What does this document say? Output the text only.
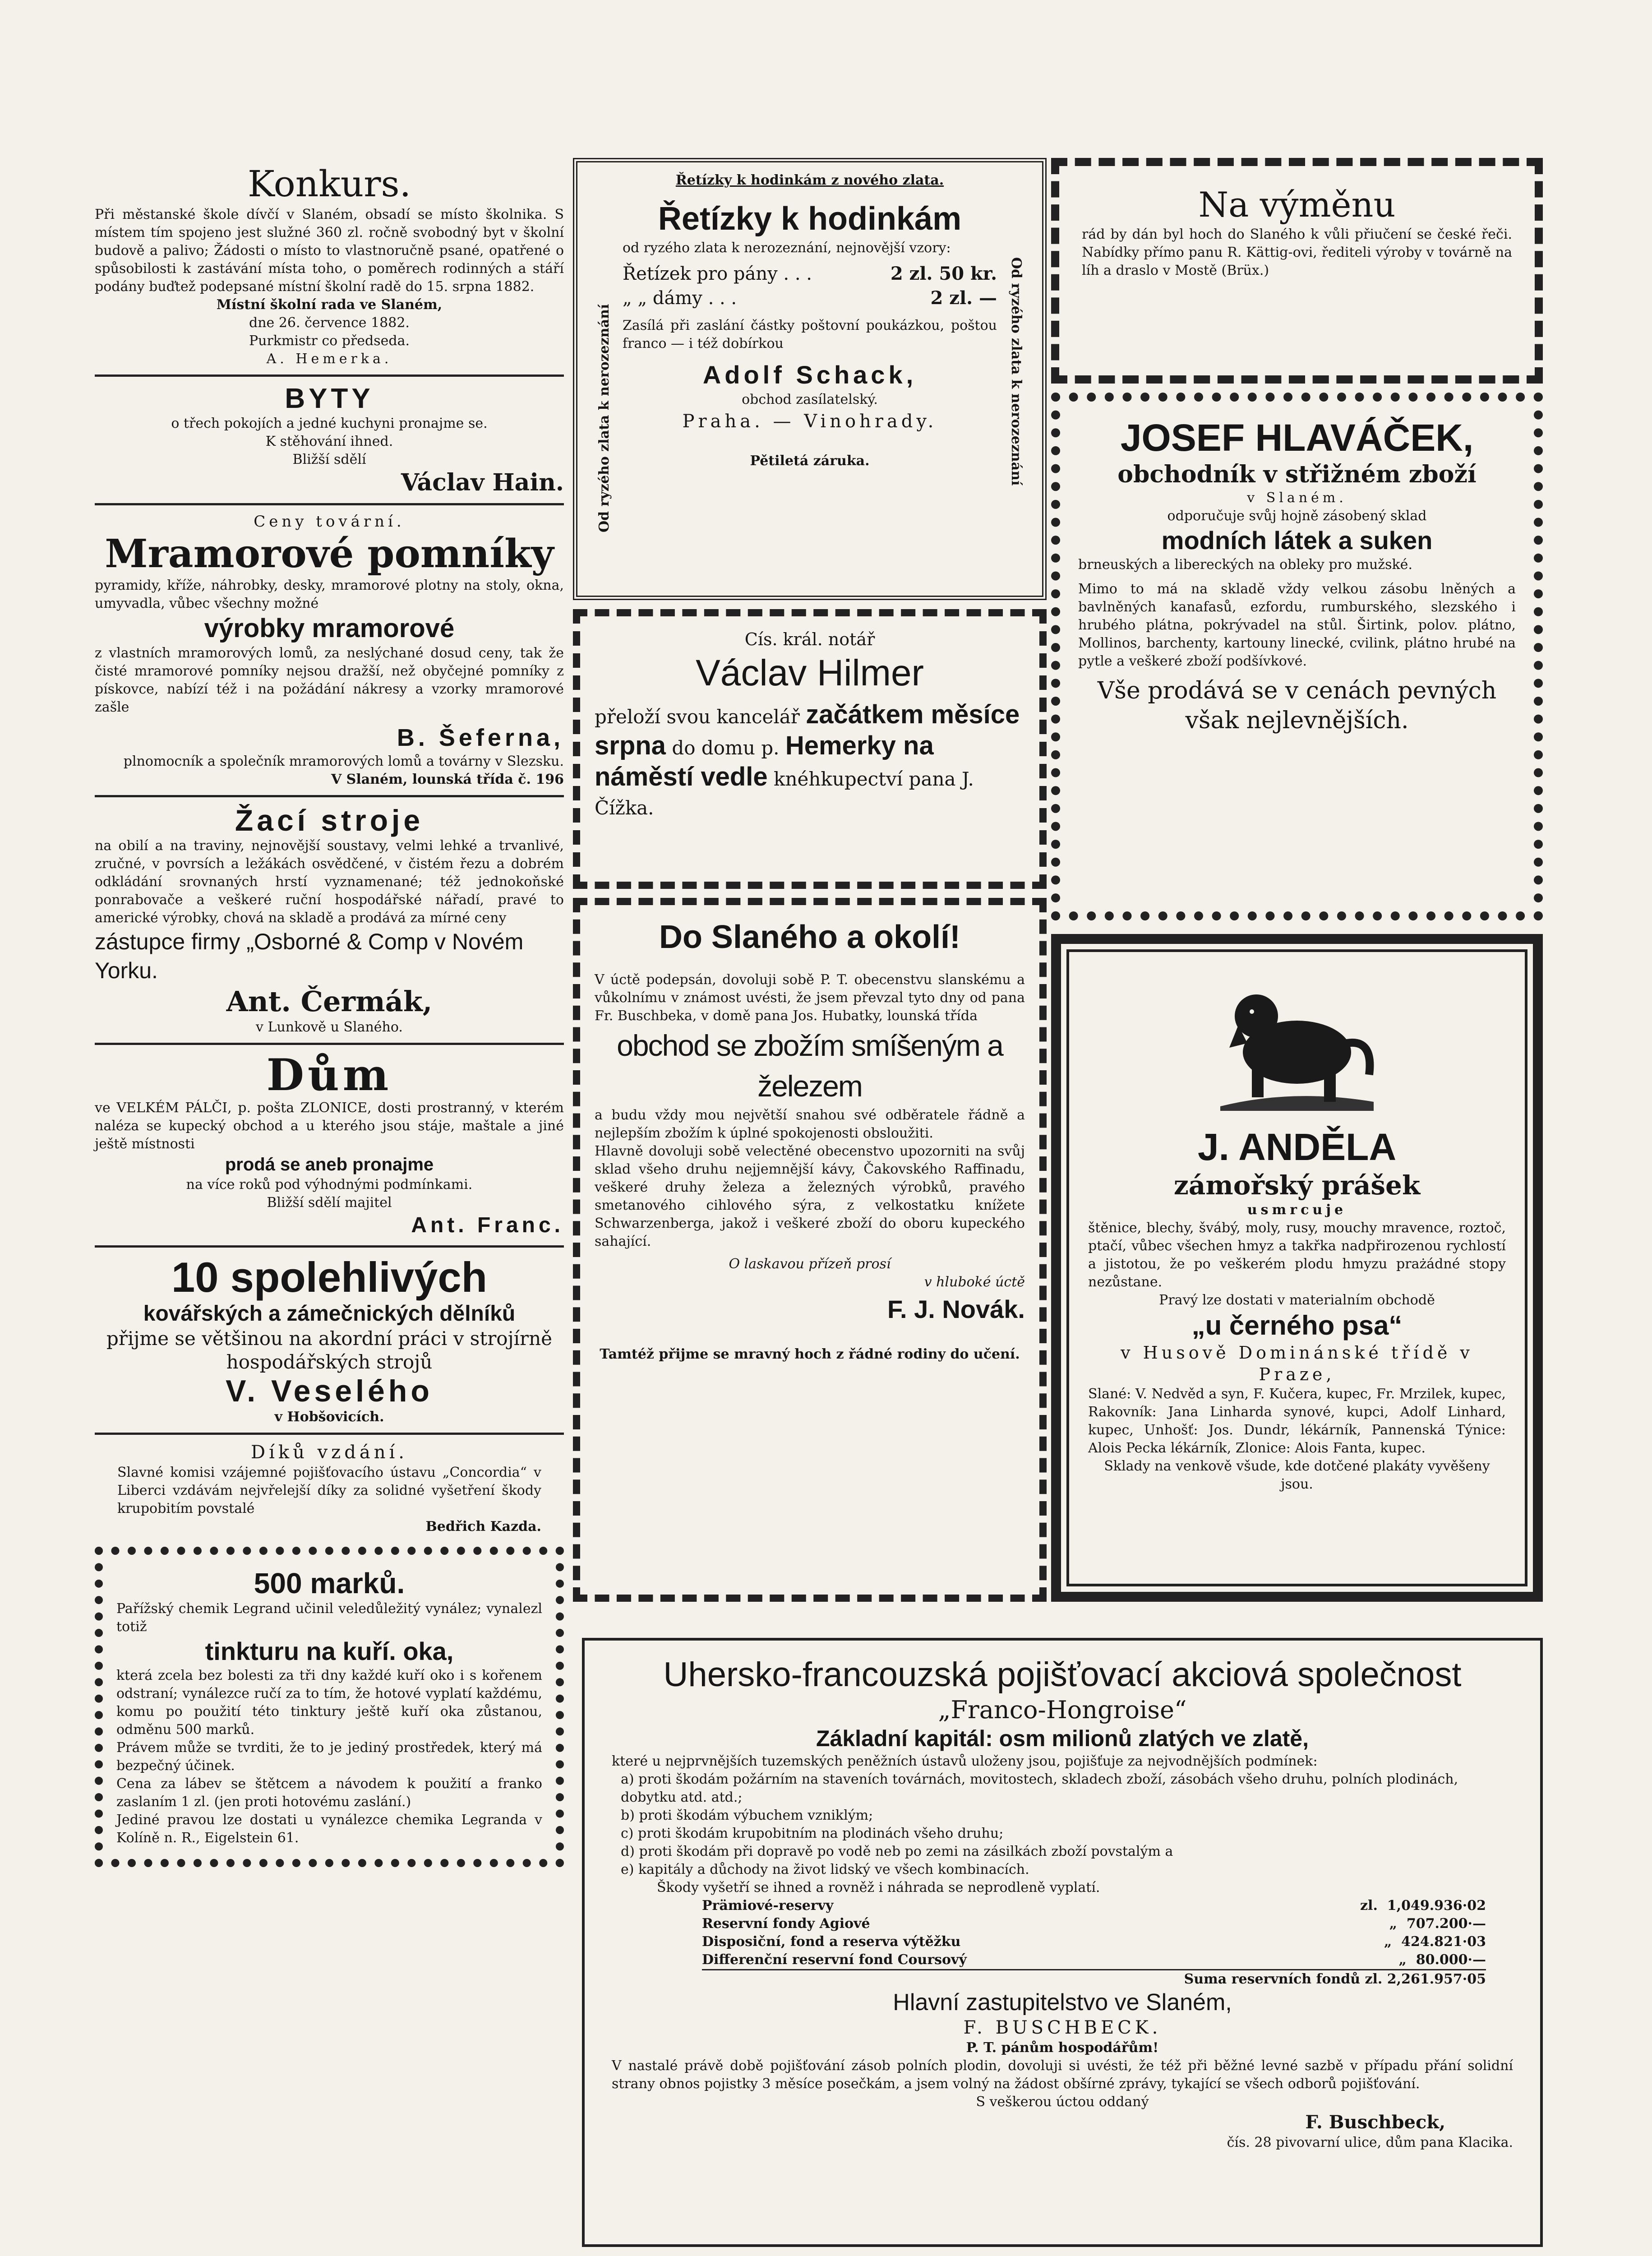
Konkurs.

Při městanské škole dívčí v Slaném, obsadí se místo školnika. S místem tím spojeno jest služné 360 zl. ročně svobodný byt v školní budově a palivo; Žádosti o místo to vlastnoručně psané, opatřené o spůsobilosti k zastávání místa toho, o poměrech rodinných a stáří podány buďtež podepsané místní školní radě do 15. srpna 1882.

Místní školní rada ve Slaném,

dne 26. července 1882.

Purkmistr co předseda.

A. Hemerka.

BYTY

o třech pokojích a jedné kuchyni pronajme se.

K stěhování ihned.

Bližší sdělí

Václav Hain.

Ceny tovární.

Mramorové pomníky

pyramidy, kříže, náhrobky, desky, mramorové plotny na stoly, okna, umyvadla, vůbec všechny možné

výrobky mramorové

z vlastních mramorových lomů, za neslýchané dosud ceny, tak že čisté mramorové pomníky nejsou dražší, než obyčejné pomníky z pískovce, nabízí též i na požádání nákresy a vzorky mramorové zašle

B. Šeferna,

plnomocník a společník mramorových lomů a továrny v Slezsku.

V Slaném, lounská třída č. 196

Žací stroje

na obilí a na traviny, nejnovější soustavy, velmi lehké a trvanlivé, zručné, v povrsích a ležákách osvědčené, v čistém řezu a dobrém odkládání srovnaných hrstí vyznamenané; též jednokoňské ponrabovače a veškeré ruční hospodářské nářadí, pravé to americké výrobky, chová na skladě a prodává za mírné ceny

zástupce firmy „Osborné & Comp v Novém Yorku.

Ant. Čermák,

v Lunkově u Slaného.

Dům

ve VELKÉM PÁLČI, p. pošta ZLONICE, dosti prostranný, v kterém naléza se kupecký obchod a u kterého jsou stáje, maštale a jiné ještě místnosti

prodá se aneb pronajme

na více roků pod výhodnými podmínkami.

Bližší sdělí majitel

Ant. Franc.

10 spolehlivých

kovářských a zámečnických dělníků

přijme se většinou na akordní práci v strojírně hospodářských strojů

V. Veselého

v Hobšovicích.

Díků vzdání.

Slavné komisi vzájemné pojišťovacího ústavu „Concordia“ v Liberci vzdávám nejvřelejší díky za solidné vyšetření škody krupobitím povstalé

Bedřich Kazda.

500 marků.

Pařížský chemik Legrand učinil veledůležitý vynález; vynalezl totiž

tinkturu na kuří. oka,

která zcela bez bolesti za tři dny každé kuří oko i s kořenem odstraní; vynálezce ručí za to tím, že hotové vyplatí každému, komu po použití této tinktury ještě kuří oka zůstanou, odměnu 500 marků.

Právem může se tvrditi, že to je jediný prostředek, který má bezpečný účinek.

Cena za lábev se štětcem a návodem k použití a franko zaslaním 1 zl. (jen proti hotovému zaslání.)

Jediné pravou lze dostati u vynálezce chemika Legranda v Kolíně n. R., Eigelstein 61.

Řetízky k hodinkám z nového zlata.

Řetízky k hodinkám

od ryzého zlata k nerozeznání, nejnovější vzory:

Řetízek pro pány . . .	2 zl. 50 kr.
„ „ dámy . . .	2 zl. —

Zasílá při zaslání částky poštovní poukázkou, poštou franco — i též dobírkou

Adolf Schack,

obchod zasílatelský.

Praha. — Vinohrady.

Pětiletá záruka.

Od ryzého zlata k nerozeznání	Od ryzého zlata k nerozeznání

Cís. král. notář

Václav Hilmer

přeloží svou kancelář začátkem měsíce srpna do domu p. Hemerky na náměstí vedle knéhkupectví pana J. Čížka.

Do Slaného a okolí!

V úctě podepsán, dovoluji sobě P. T. obecenstvu slanskému a vůkolnímu v známost uvésti, že jsem převzal tyto dny od pana Fr. Buschbeka, v domě pana Jos. Hubatky, lounská třída

obchod se zbožím smíšeným a železem

a budu vždy mou největší snahou své odběratele řádně a nejlepším zbožím k úplné spokojenosti obsloužiti.

Hlavně dovoluji sobě velectěné obecenstvo upozorniti na svůj sklad všeho druhu nejjemnější kávy, Čakovského Raffinadu, veškeré druhy železa a železných výrobků, pravého smetanového cihlového sýra, z velkostatku knížete Schwarzenberga, jakož i veškeré zboží do oboru kupeckého sahající.

O laskavou přízeň prosí

v hluboké úctě

F. J. Novák.

Tamtéž přijme se mravný hoch z řádné rodiny do učení.

Na výměnu

rád by dán byl hoch do Slaného k vůli přiučení se české řeči. Nabídky přímo panu R. Kättig-ovi, řediteli výroby v továrně na líh a draslo v Mostě (Brüx.)

JOSEF HLAVÁČEK,

obchodník v střižném zboží

v Slaném.

odporučuje svůj hojně zásobený sklad

modních látek a suken

brneuských a libereckých na obleky pro mužské.

Mimo to má na skladě vždy velkou zásobu lněných a bavlněných kanafasů, ezfordu, rumburského, slezského i hrubého plátna, pokrývadel na stůl. Širtink, polov. plátno, Mollinos, barchenty, kartouny linecké, cvilink, plátno hrubé na pytle a veškeré zboží podšívkové.

Vše prodává se v cenách pevných však nejlevnějších.

J. ANDĚLA

zámořský prášek

usmrcuje

štěnice, blechy, švábý, moly, rusy, mouchy mravence, roztoč, ptačí, vůbec všechen hmyz a takřka nadpřirozenou rychlostí a jistotou, že po veškerém plodu hmyzu prażádné stopy nezůstane.

Pravý lze dostati v materialním obchodě

„u černého psa“

v Husově Dominánské třídě v Praze,

Slané: V. Nedvěd a syn, F. Kučera, kupec, Fr. Mrzilek, kupec, Rakovník: Jana Linharda synové, kupci, Adolf Linhard, kupec, Unhošť: Jos. Dundr, lékárník, Pannenská Týnice: Alois Pecka lékárník, Zlonice: Alois Fanta, kupec.

Sklady na venkově všude, kde dotčené plakáty vyvěšeny jsou.

Uhersko-francouzská pojišťovací akciová společnost

„Franco-Hongroise“

Základní kapitál: osm milionů zlatých ve zlatě,

které u nejprvnějších tuzemských peněžních ústavů uloženy jsou, pojišťuje za nejvodnějších podmínek:

a) proti škodám požárním na staveních továrnách, movitostech, skladech zboží, zásobách všeho druhu, polních plodinách, dobytku atd. atd.;

b) proti škodám výbuchem vzniklým;

c) proti škodám krupobitním na plodinách všeho druhu;

d) proti škodám při dopravě po vodě neb po zemi na zásilkách zboží povstalým a

e) kapitály a důchody na život lidský ve všech kombinacích.

Škody vyšetří se ihned a rovněž i náhrada se neprodleně vyplatí.

Prämiové-reservy	zl. 1,049.936·02
Reservní fondy Agiové	„ 707.200·—
Disposiční, fond a reserva výtěžku	„ 424.821·03
Differenční reservní fond Coursový	„ 80.000·—

Suma reservních fondů zl. 2,261.957·05

Hlavní zastupitelstvo ve Slaném,

F. BUSCHBECK.

P. T. pánům hospodářům!

V nastalé právě době pojišťování zásob polních plodin, dovoluji si uvésti, že též při běžné levné sazbě v případu přání solidní strany obnos pojistky 3 měsíce posečkám, a jsem volný na žádost obšírné zprávy, tykající se všech odborů pojišťování.

S veškerou úctou oddaný

F. Buschbeck,

čís. 28 pivovarní ulice, dům pana Klacika.
